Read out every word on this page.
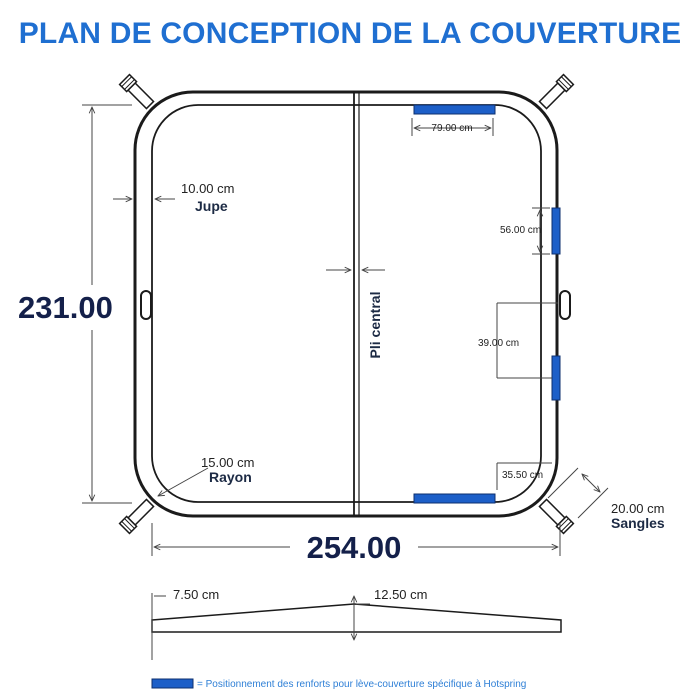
PLAN DE CONCEPTION DE LA COUVERTURE
Pli central
79.00 cm
56.00 cm
39.00 cm
35.50 cm
10.00 cm
Jupe
15.00 cm
Rayon
231.00
254.00
20.00 cm
Sangles
7.50 cm	12.50 cm
= Positionnement des renforts pour lève-couverture spécifique à Hotspring
